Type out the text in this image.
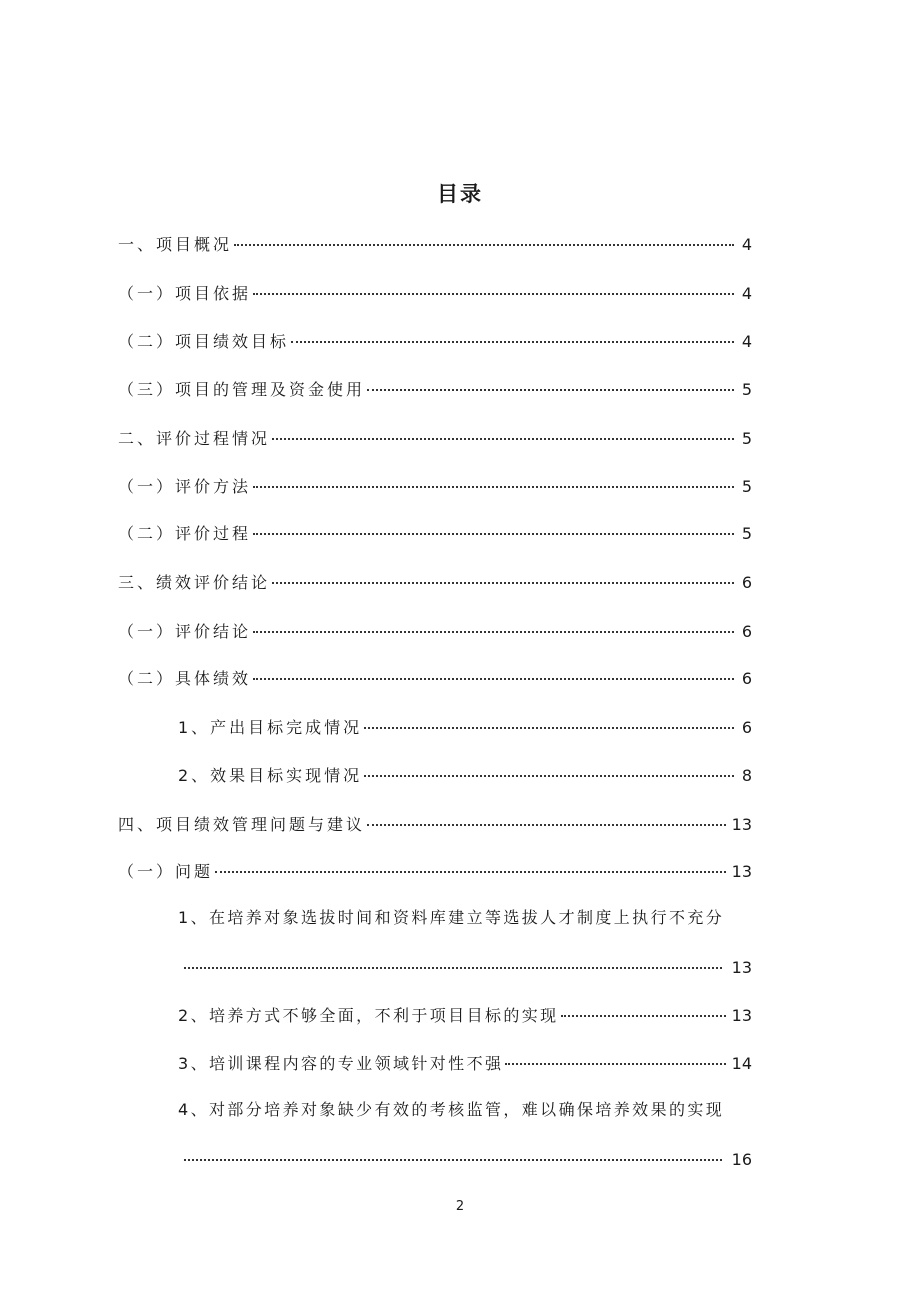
目录
一、项目概况	4
（一）项目依据	4
（二）项目绩效目标	4
（三）项目的管理及资金使用	5
二、评价过程情况	5
（一）评价方法	5
（二）评价过程	5
三、绩效评价结论	6
（一）评价结论	6
（二）具体绩效	6
1、产出目标完成情况	6
2、效果目标实现情况	8
四、项目绩效管理问题与建议	13
（一）问题	13
1、在培养对象选拔时间和资料库建立等选拔人才制度上执行不充分
13
2、培养方式不够全面，不利于项目目标的实现	13
3、培训课程内容的专业领域针对性不强	14
4、对部分培养对象缺少有效的考核监管，难以确保培养效果的实现
16
2
